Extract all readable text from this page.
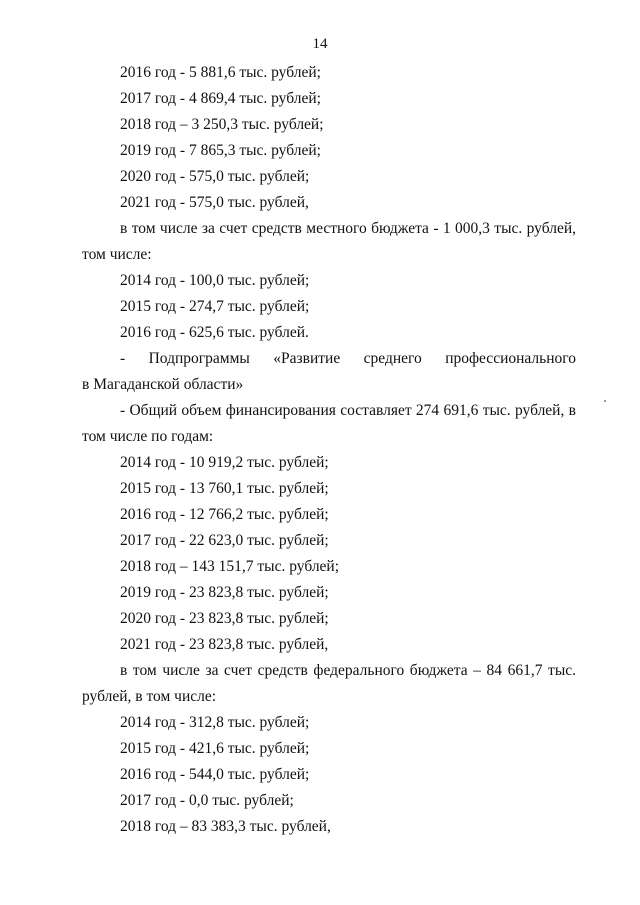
14
2016 год - 5 881,6 тыс. рублей;
2017 год - 4 869,4 тыс. рублей;
2018 год – 3 250,3 тыс. рублей;
2019 год - 7 865,3 тыс. рублей;
2020 год - 575,0 тыс. рублей;
2021 год - 575,0 тыс. рублей,
в том числе за счет средств местного бюджета - 1 000,3 тыс. рублей,
том числе:
2014 год - 100,0 тыс. рублей;
2015 год - 274,7 тыс. рублей;
2016 год - 625,6 тыс. рублей.
- Подпрограммы «Развитие среднего профессионального
в Магаданской области»
- Общий объем финансирования составляет 274 691,6 тыс. рублей, в
том числе по годам:
2014 год - 10 919,2 тыс. рублей;
2015 год - 13 760,1 тыс. рублей;
2016 год - 12 766,2 тыс. рублей;
2017 год - 22 623,0 тыс. рублей;
2018 год – 143 151,7 тыс. рублей;
2019 год - 23 823,8 тыс. рублей;
2020 год - 23 823,8 тыс. рублей;
2021 год - 23 823,8 тыс. рублей,
в том числе за счет средств федерального бюджета – 84 661,7 тыс.
рублей, в том числе:
2014 год - 312,8 тыс. рублей;
2015 год - 421,6 тыс. рублей;
2016 год - 544,0 тыс. рублей;
2017 год - 0,0 тыс. рублей;
2018 год – 83 383,3 тыс. рублей,
